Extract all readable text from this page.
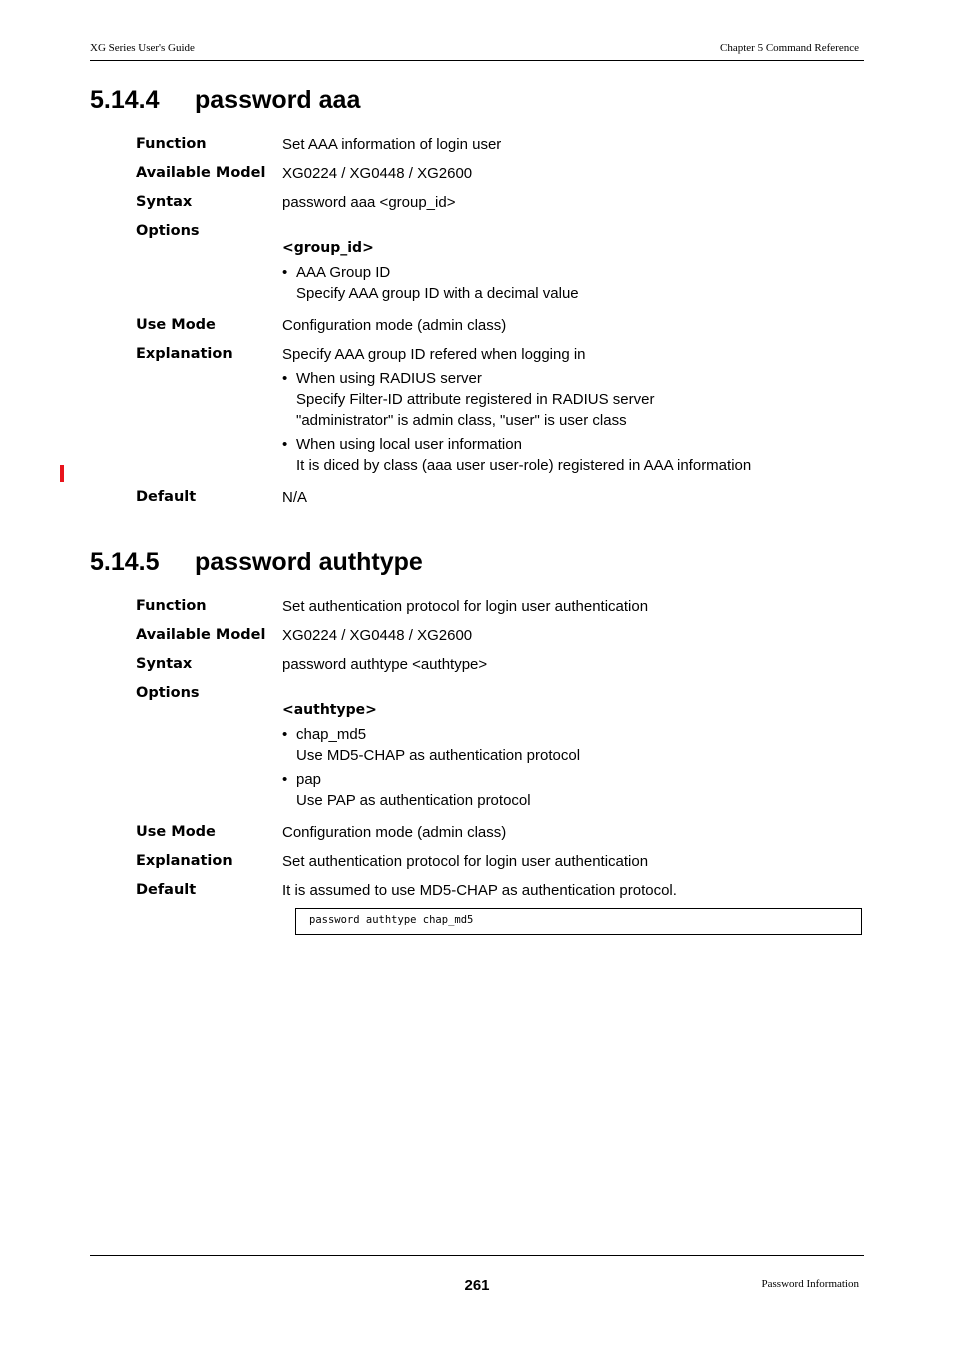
XG Series User's Guide	Chapter 5 Command Reference
5.14.4 password aaa
Function	Set AAA information of login user
Available Model	XG0224 / XG0448 / XG2600
Syntax	password aaa <group_id>
Options
<group_id>
• AAA Group ID
Specify AAA group ID with a decimal value
Use Mode	Configuration mode (admin class)
Explanation	Specify AAA group ID refered when logging in
• When using RADIUS server
Specify Filter-ID attribute registered in RADIUS server
"administrator" is admin class, "user" is user class
• When using local user information
It is diced by class (aaa user user-role) registered in AAA information
Default	N/A
5.14.5 password authtype
Function	Set authentication protocol for login user authentication
Available Model	XG0224 / XG0448 / XG2600
Syntax	password authtype <authtype>
Options
<authtype>
• chap_md5
Use MD5-CHAP as authentication protocol
• pap
Use PAP as authentication protocol
Use Mode	Configuration mode (admin class)
Explanation	Set authentication protocol for login user authentication
Default	It is assumed to use MD5-CHAP as authentication protocol.
password authtype chap_md5
261	Password Information
